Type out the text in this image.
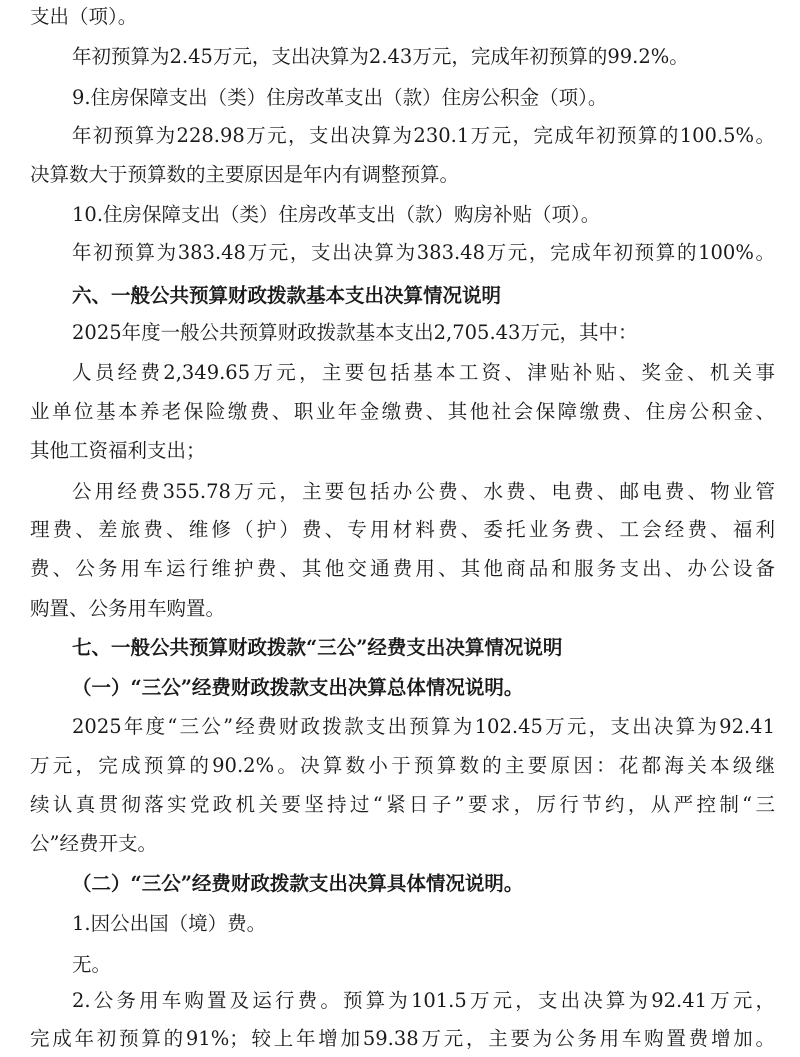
支出（项）。
年初预算为2.45万元，支出决算为2.43万元，完成年初预算的99.2%。
9.住房保障支出（类）住房改革支出（款）住房公积金（项）。
年初预算为228.98万元，支出决算为230.1万元，完成年初预算的100.5%。
决算数大于预算数的主要原因是年内有调整预算。
10.住房保障支出（类）住房改革支出（款）购房补贴（项）。
年初预算为383.48万元，支出决算为383.48万元，完成年初预算的100%。
六、一般公共预算财政拨款基本支出决算情况说明
2025年度一般公共预算财政拨款基本支出2,705.43万元，其中：
人员经费2,349.65万元，主要包括基本工资、津贴补贴、奖金、机关事
业单位基本养老保险缴费、职业年金缴费、其他社会保障缴费、住房公积金、
其他工资福利支出；
公用经费355.78万元，主要包括办公费、水费、电费、邮电费、物业管
理费、差旅费、维修（护）费、专用材料费、委托业务费、工会经费、福利
费、公务用车运行维护费、其他交通费用、其他商品和服务支出、办公设备
购置、公务用车购置。
七、一般公共预算财政拨款“三公”经费支出决算情况说明
（一）“三公”经费财政拨款支出决算总体情况说明。
2025年度“三公”经费财政拨款支出预算为102.45万元，支出决算为92.41
万元，完成预算的90.2%。决算数小于预算数的主要原因：花都海关本级继
续认真贯彻落实党政机关要坚持过“紧日子”要求，厉行节约，从严控制“三
公”经费开支。
（二）“三公”经费财政拨款支出决算具体情况说明。
1.因公出国（境）费。
无。
2.公务用车购置及运行费。预算为101.5万元，支出决算为92.41万元，
完成年初预算的91%；较上年增加59.38万元，主要为公务用车购置费增加。
